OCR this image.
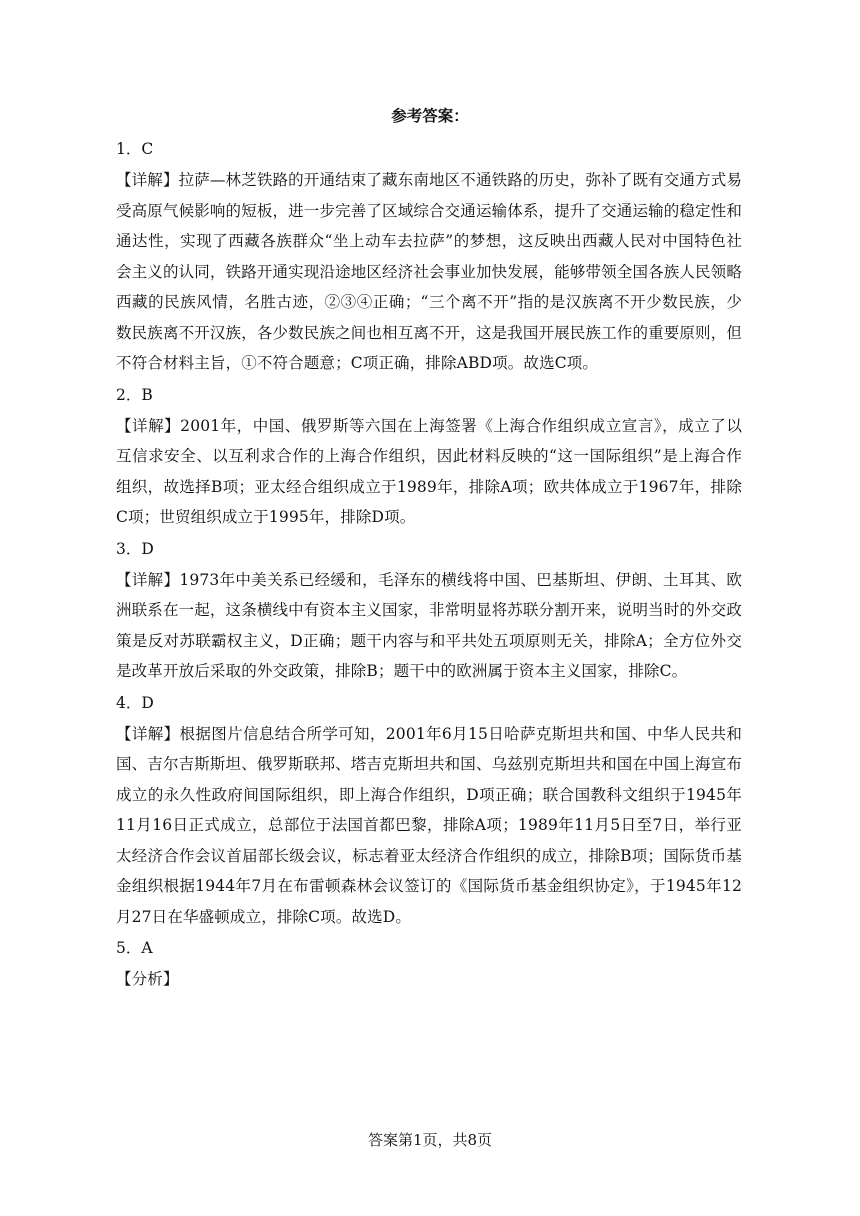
参考答案：

1．C

【详解】拉萨—林芝铁路的开通结束了藏东南地区不通铁路的历史，弥补了既有交通方式易受高原气候影响的短板，进一步完善了区域综合交通运输体系，提升了交通运输的稳定性和通达性，实现了西藏各族群众“坐上动车去拉萨”的梦想，这反映出西藏人民对中国特色社会主义的认同，铁路开通实现沿途地区经济社会事业加快发展，能够带领全国各族人民领略西藏的民族风情，名胜古迹，②③④正确；“三个离不开”指的是汉族离不开少数民族，少数民族离不开汉族，各少数民族之间也相互离不开，这是我国开展民族工作的重要原则，但不符合材料主旨，①不符合题意；C项正确，排除ABD项。故选C项。

2．B

【详解】2001年，中国、俄罗斯等六国在上海签署《上海合作组织成立宣言》，成立了以互信求安全、以互利求合作的上海合作组织，因此材料反映的“这一国际组织”是上海合作组织，故选择B项；亚太经合组织成立于1989年，排除A项；欧共体成立于1967年，排除C项；世贸组织成立于1995年，排除D项。

3．D

【详解】1973年中美关系已经缓和，毛泽东的横线将中国、巴基斯坦、伊朗、土耳其、欧洲联系在一起，这条横线中有资本主义国家，非常明显将苏联分割开来，说明当时的外交政策是反对苏联霸权主义，D正确；题干内容与和平共处五项原则无关，排除A；全方位外交是改革开放后采取的外交政策，排除B；题干中的欧洲属于资本主义国家，排除C。

4．D

【详解】根据图片信息结合所学可知，2001年6月15日哈萨克斯坦共和国、中华人民共和国、吉尔吉斯斯坦、俄罗斯联邦、塔吉克斯坦共和国、乌兹别克斯坦共和国在中国上海宣布成立的永久性政府间国际组织，即上海合作组织，D项正确；联合国教科文组织于1945年11月16日正式成立，总部位于法国首都巴黎，排除A项；1989年11月5日至7日，举行亚太经济合作会议首届部长级会议，标志着亚太经济合作组织的成立，排除B项；国际货币基金组织根据1944年7月在布雷顿森林会议签订的《国际货币基金组织协定》，于1945年12月27日在华盛顿成立，排除C项。故选D。

5．A

【分析】

答案第1页，共8页
